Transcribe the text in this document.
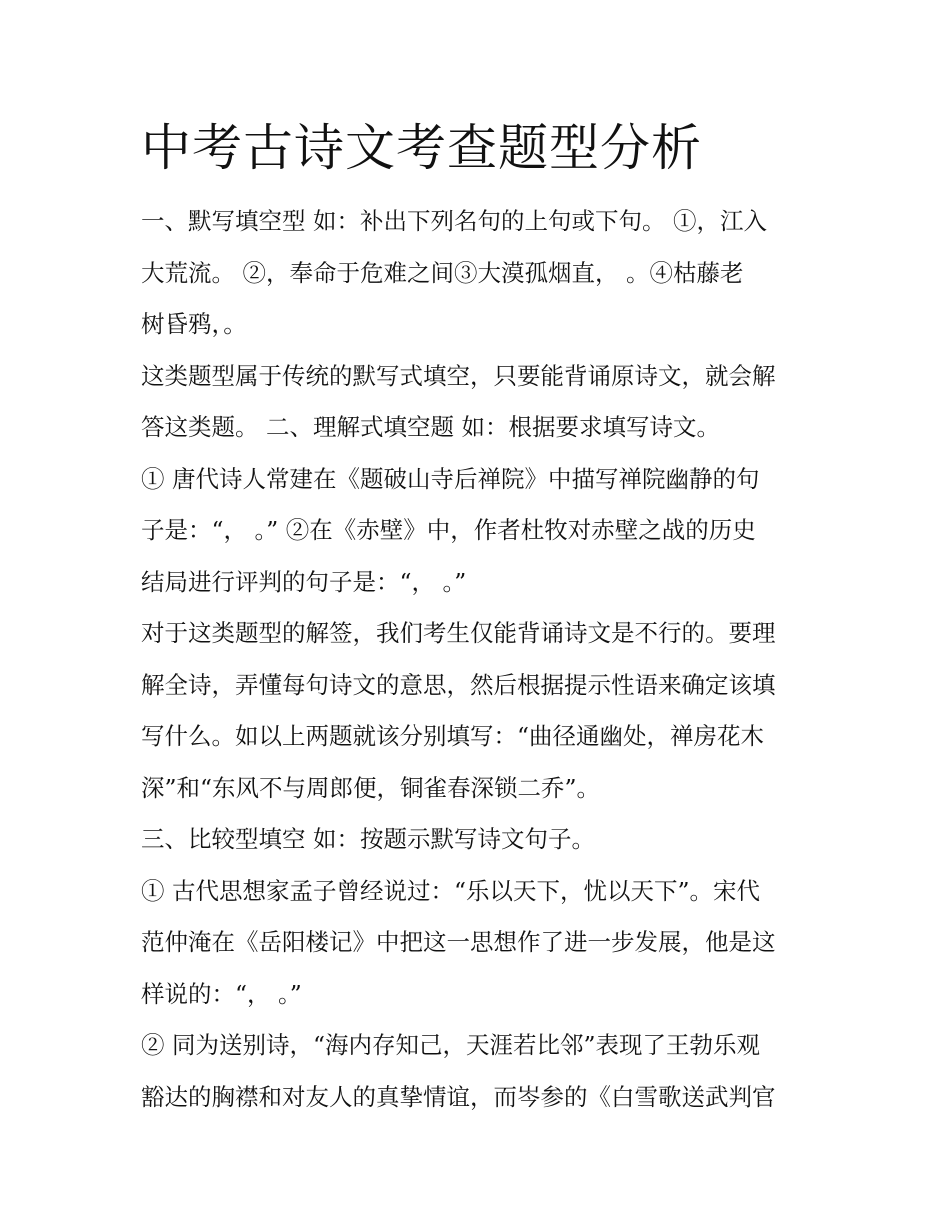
中考古诗文考查题型分析
一、默写填空型 如：补出下列名句的上句或下句。 ①，江入
大荒流。 ②，奉命于危难之间③大漠孤烟直， 。④枯藤老
树昏鸦，。
这类题型属于传统的默写式填空，只要能背诵原诗文，就会解
答这类题。 二、理解式填空题 如：根据要求填写诗文。
① 唐代诗人常建在《题破山寺后禅院》中描写禅院幽静的句
子是：“， 。” ②在《赤壁》中，作者杜牧对赤壁之战的历史
结局进行评判的句子是：“， 。”
对于这类题型的解签，我们考生仅能背诵诗文是不行的。要理
解全诗，弄懂每句诗文的意思，然后根据提示性语来确定该填
写什么。如以上两题就该分别填写：“曲径通幽处，禅房花木
深”和“东风不与周郎便，铜雀春深锁二乔”。
三、比较型填空 如：按题示默写诗文句子。
① 古代思想家孟子曾经说过：“乐以天下，忧以天下”。宋代
范仲淹在《岳阳楼记》中把这一思想作了进一步发展，他是这
样说的：“， 。”
② 同为送别诗，“海内存知己，天涯若比邻”表现了王勃乐观
豁达的胸襟和对友人的真挚情谊，而岑参的《白雪歌送武判官
